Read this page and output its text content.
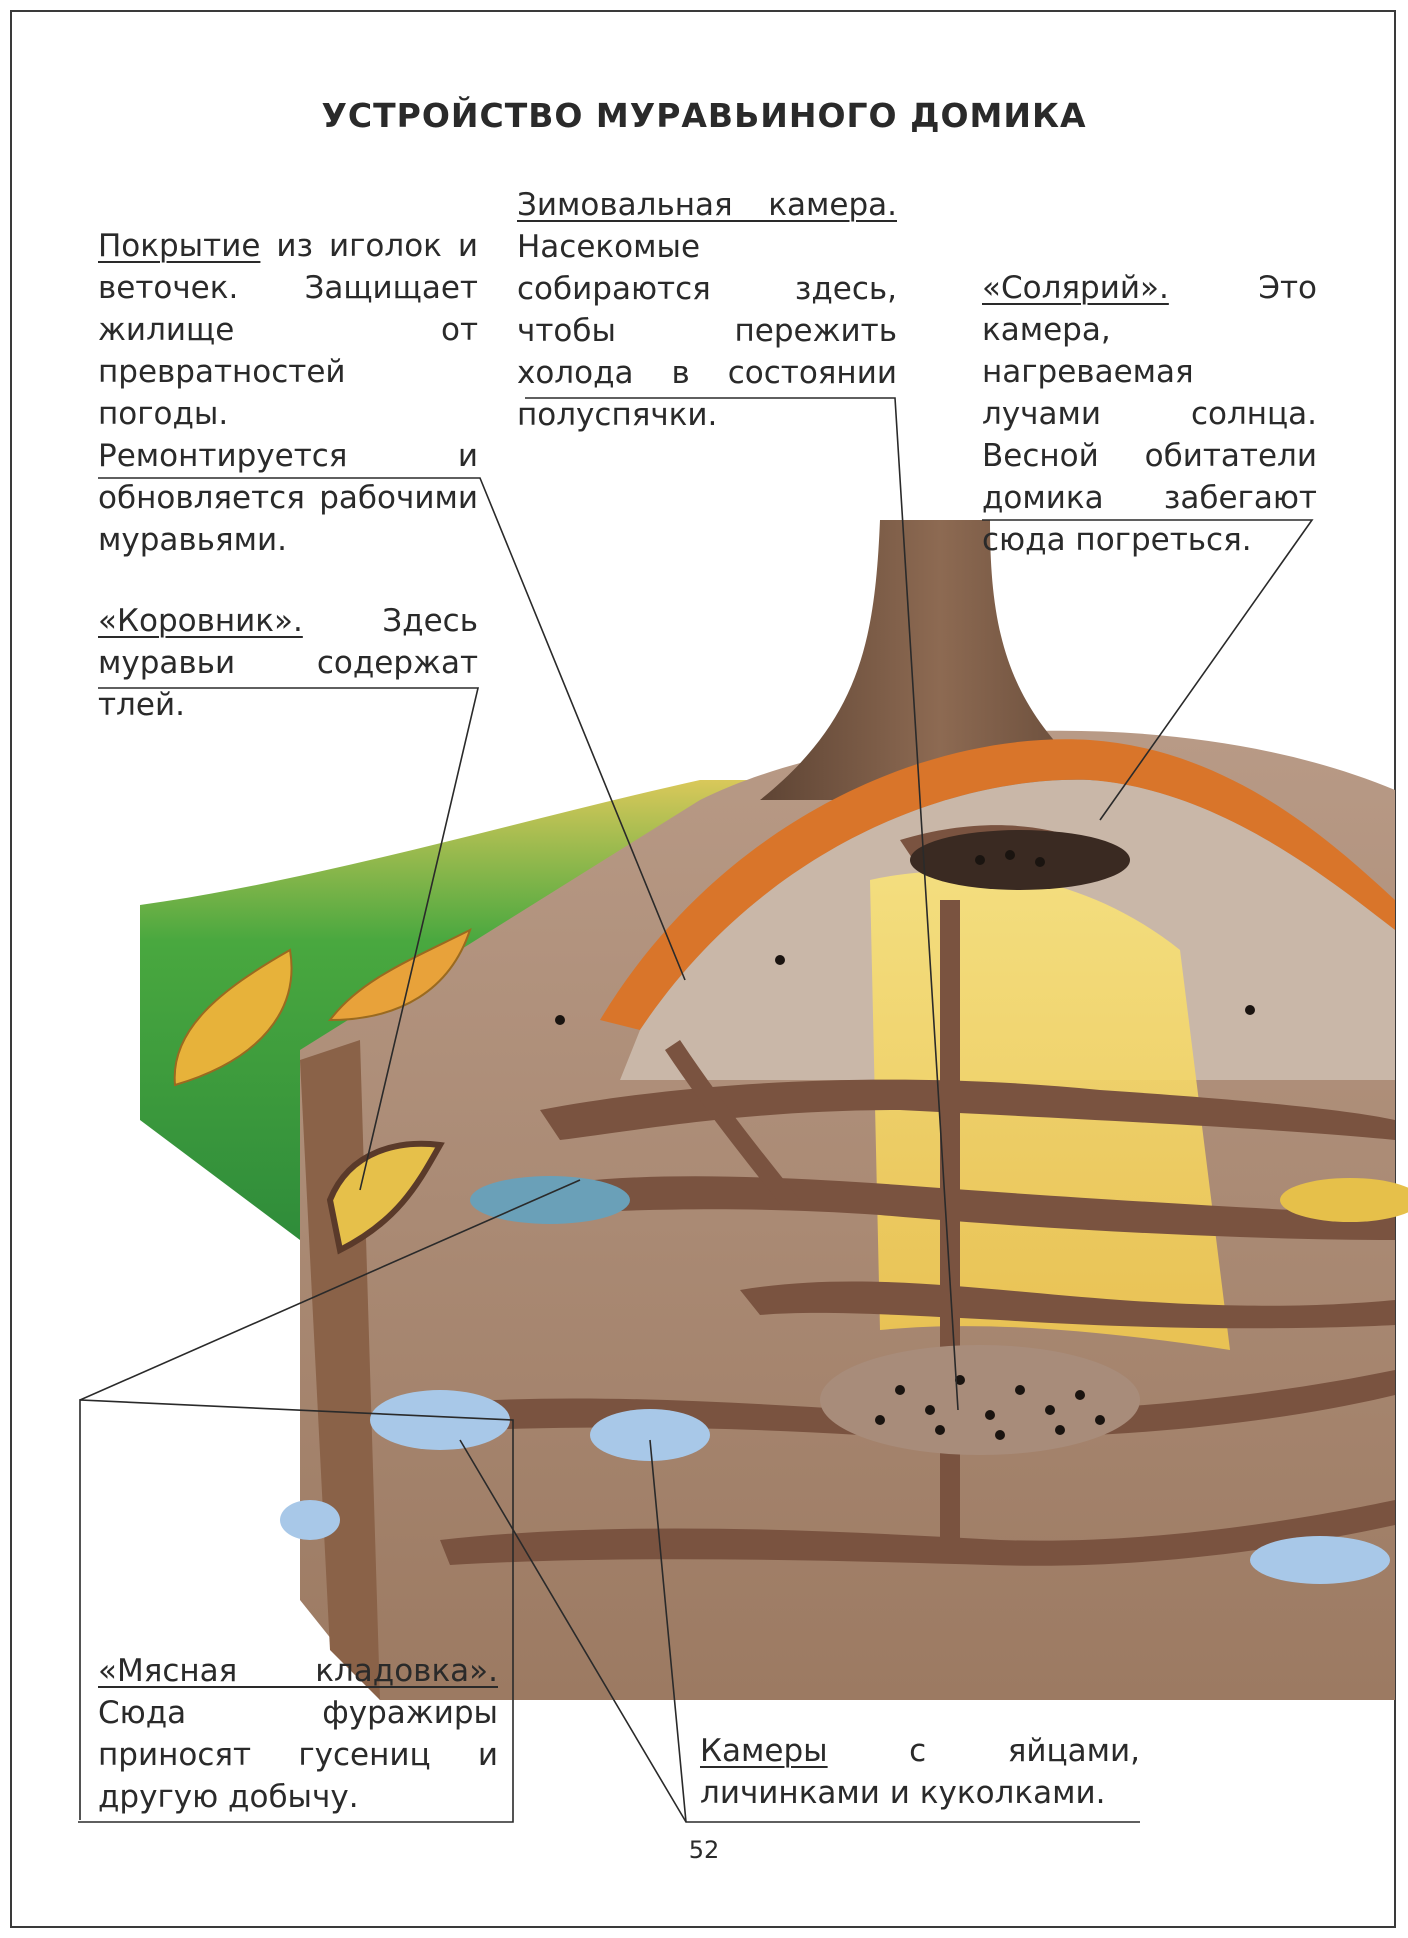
УСТРОЙСТВО МУРАВЬИНОГО ДОМИКА

Покрытие из иголок и веточек. Защищает жилище от превратностей погоды. Ремонтируется и обновляется рабочими муравьями.

Зимовальная камера. Насекомые собираются здесь, чтобы пережить холода в состоянии полуспячки.

«Солярий». Это камера, нагреваемая лучами солнца. Весной обитатели домика забегают сюда погреться.

«Коровник». Здесь муравьи содержат тлей.

«Мясная кладовка». Сюда фуражиры приносят гусениц и другую добычу.

Камеры с яйцами, личинками и куколками.

52
